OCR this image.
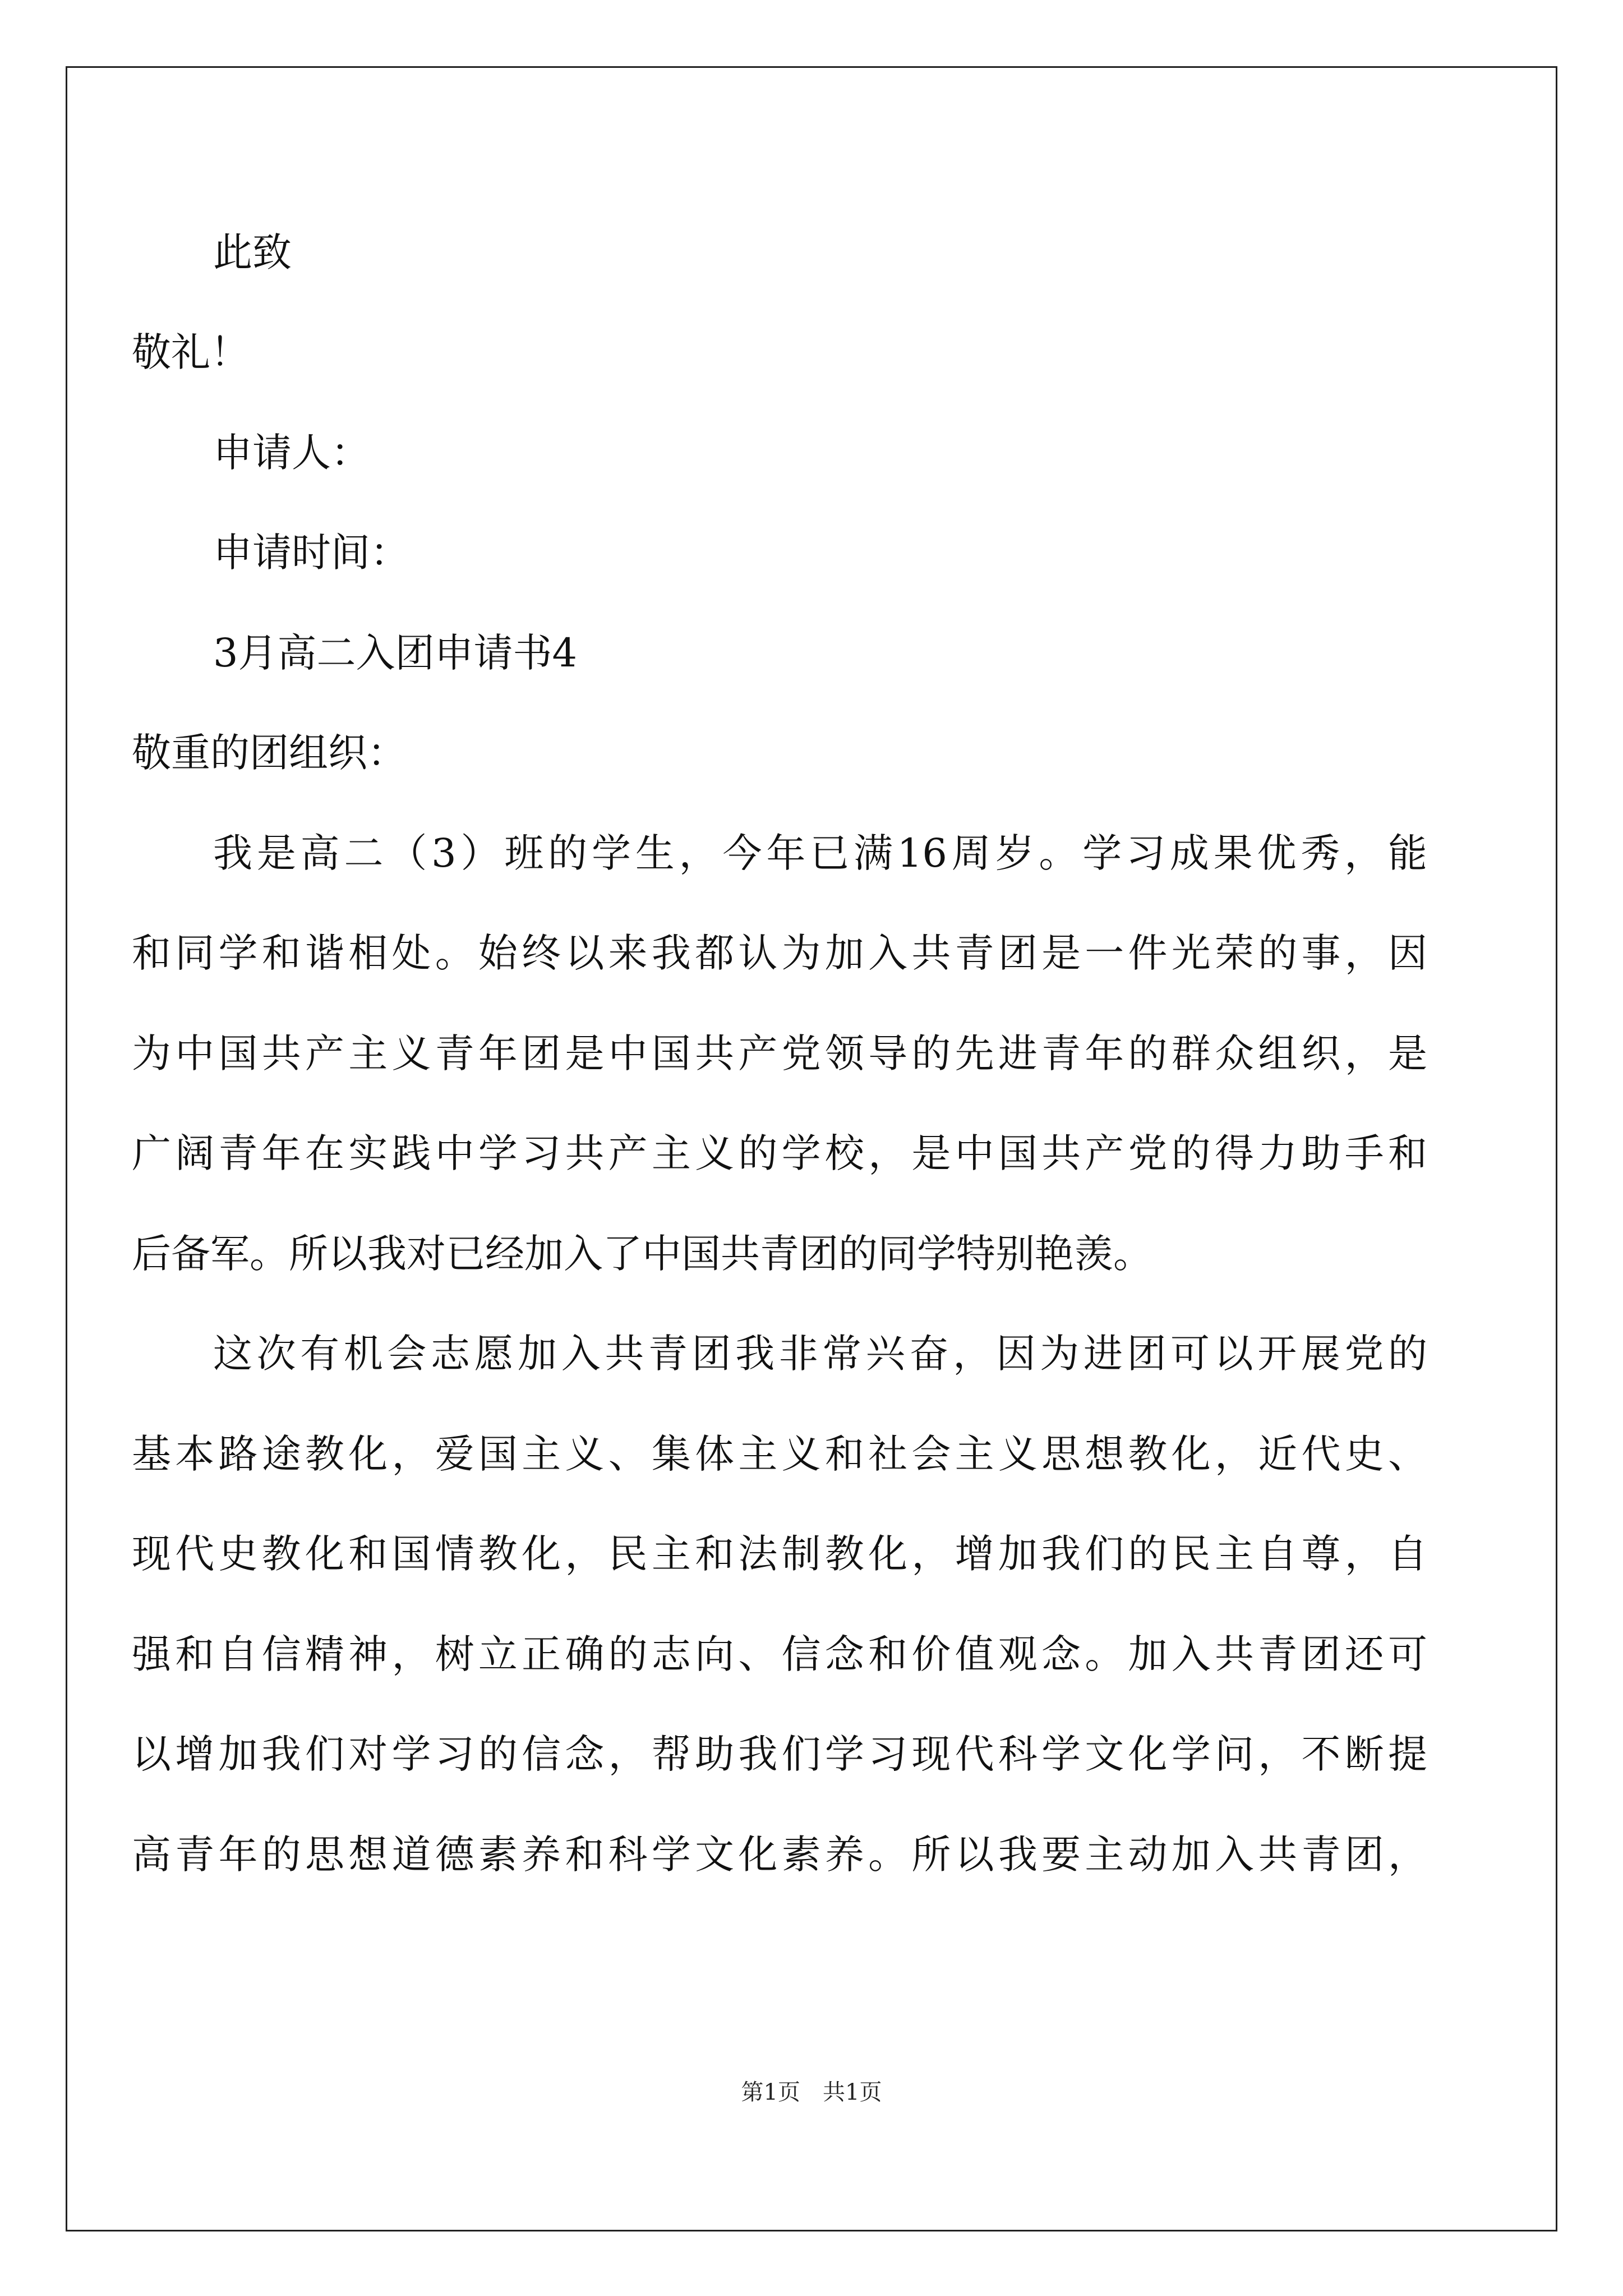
此致
敬礼！
申请人：
申请时间：
3月高二入团申请书4
敬重的团组织：
我是高二（3）班的学生，今年已满16周岁。学习成果优秀，能
和同学和谐相处。始终以来我都认为加入共青团是一件光荣的事，因
为中国共产主义青年团是中国共产党领导的先进青年的群众组织，是
广阔青年在实践中学习共产主义的学校，是中国共产党的得力助手和
后备军。所以我对已经加入了中国共青团的同学特别艳羡。
这次有机会志愿加入共青团我非常兴奋，因为进团可以开展党的
基本路途教化，爱国主义、集体主义和社会主义思想教化，近代史、
现代史教化和国情教化，民主和法制教化，增加我们的民主自尊，自
强和自信精神，树立正确的志向、信念和价值观念。加入共青团还可
以增加我们对学习的信念，帮助我们学习现代科学文化学问，不断提
高青年的思想道德素养和科学文化素养。所以我要主动加入共青团，
第1页 共1页
